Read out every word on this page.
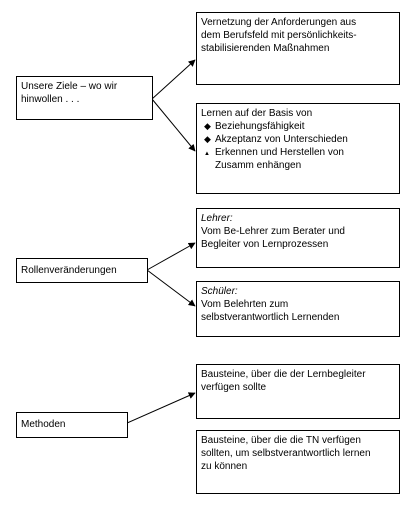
Unsere Ziele – wo wir
hinwollen . . .
Vernetzung der Anforderungen aus
dem Berufsfeld mit persönlichkeits-
stabilisierenden Maßnahmen
Lernen auf der Basis von
◆ Beziehungsfähigkeit
◆ Akzeptanz von Unterschieden
▲ Erkennen und Herstellen von
Zusamm enhängen
Rollenveränderungen
Lehrer:
Vom Be-Lehrer zum Berater und
Begleiter von Lernprozessen
Schüler:
Vom Belehrten zum
selbstverantwortlich Lernenden
Methoden
Bausteine, über die der Lernbegleiter
verfügen sollte
Bausteine, über die die TN verfügen
sollten, um selbstverantwortlich lernen
zu können
